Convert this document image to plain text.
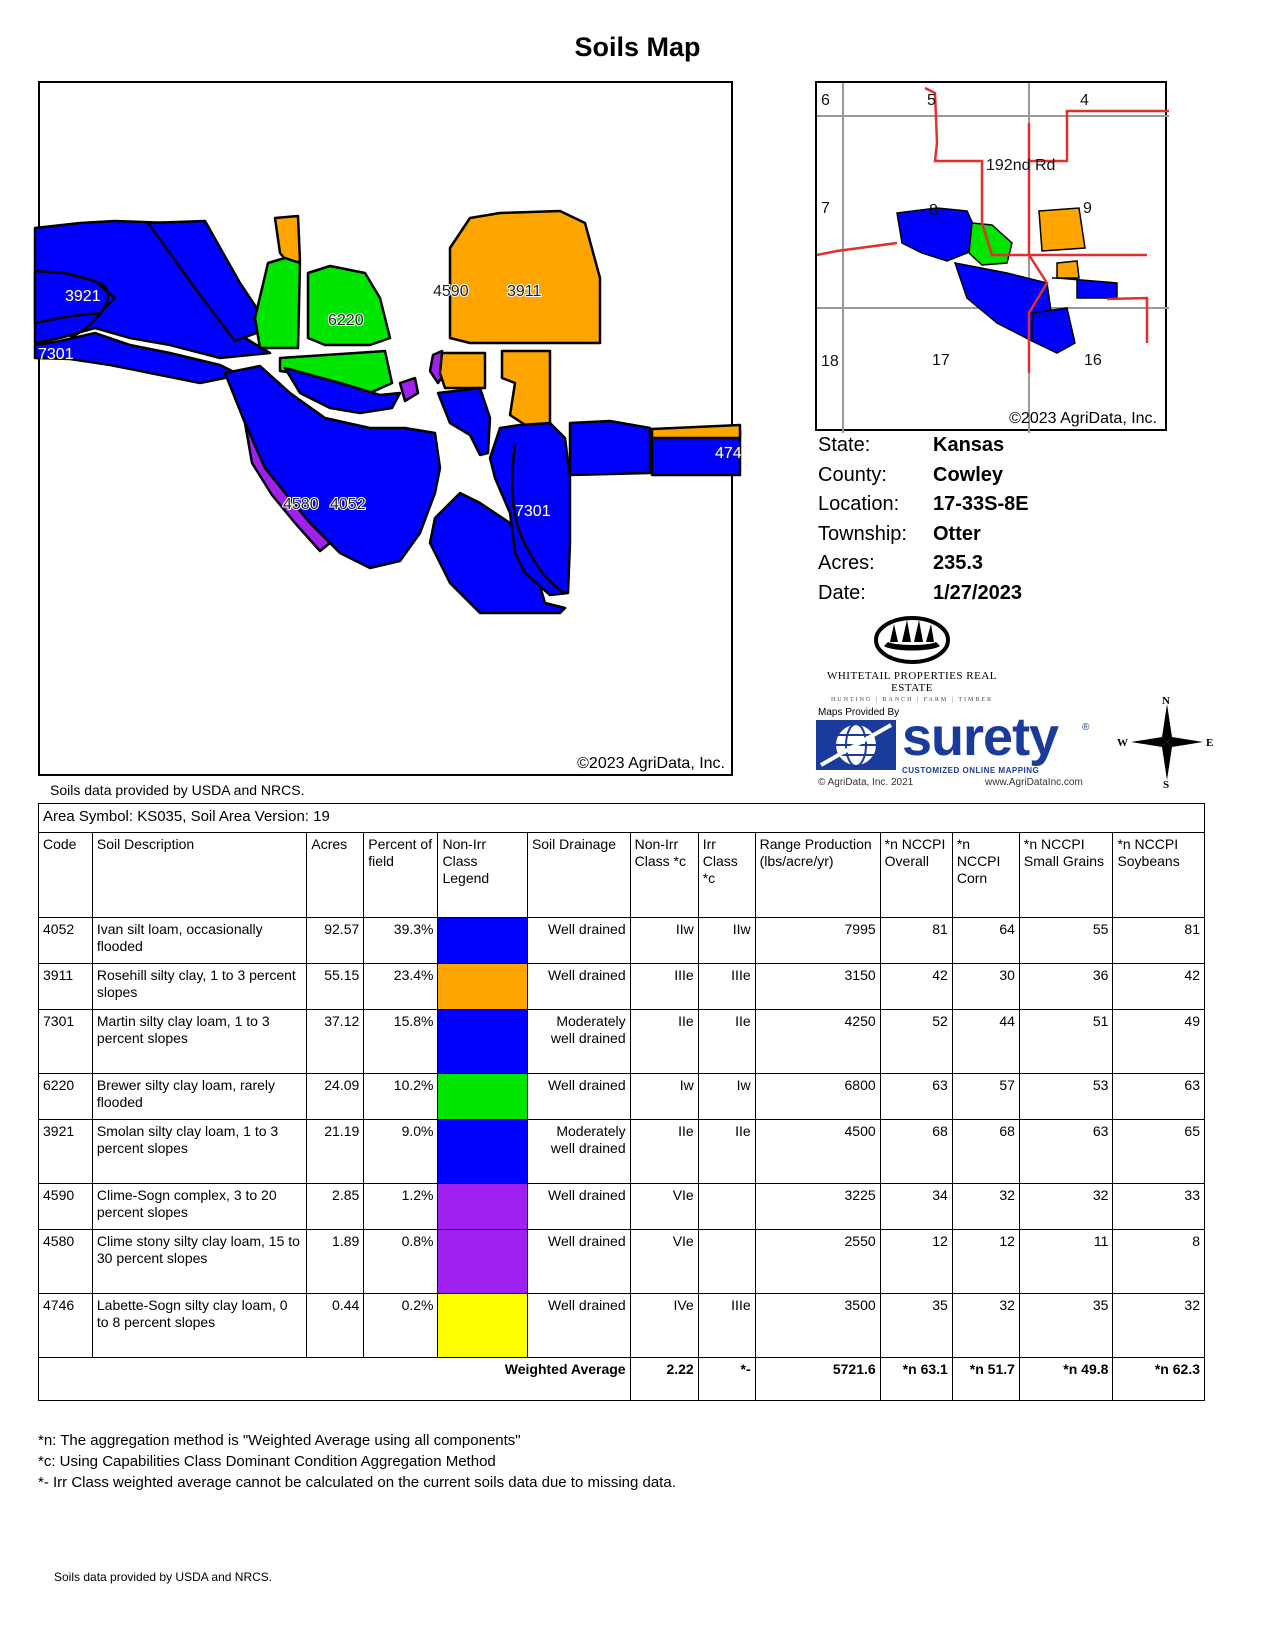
Soils Map
3921
7301
6220
4590 3911
4580 4052	7301
474
©2023 AgriData, Inc.
Soils data provided by USDA and NRCS.
6	5	4
7	9
18	17	16
8
192nd Rd
©2023 AgriData, Inc.
State:	Kansas
County:	Cowley
Location:	17-33S-8E
Township:	Otter
Acres:	235.3
Date:	1/27/2023
WHITETAIL PROPERTIES REAL ESTATE
HUNTING | RANCH | FARM | TIMBER
Maps Provided By surety ®
CUSTOMIZED ONLINE MAPPING
© AgriData, Inc. 2021	www.AgriDataInc.com
N
S
W	E
Area Symbol: KS035, Soil Area Version: 19												
Code	Soil Description	Acres	Percent of field	Non-Irr Class Legend	Soil Drainage	Non-Irr Class *c	Irr Class *c	Range Production (lbs/acre/yr)	*n NCCPI Overall	*n NCCPI Corn	*n NCCPI Small Grains	*n NCCPI Soybeans
4052	Ivan silt loam, occasionally flooded	92.57	39.3%		Well drained	IIw	IIw	7995	81	64	55	81
3911	Rosehill silty clay, 1 to 3 percent slopes	55.15	23.4%		Well drained	IIIe	IIIe	3150	42	30	36	42
7301	Martin silty clay loam, 1 to 3 percent slopes	37.12	15.8%		Moderately well drained	IIe	IIe	4250	52	44	51	49
6220	Brewer silty clay loam, rarely flooded	24.09	10.2%		Well drained	Iw	Iw	6800	63	57	53	63
3921	Smolan silty clay loam, 1 to 3 percent slopes	21.19	9.0%		Moderately well drained	IIe	IIe	4500	68	68	63	65
4590	Clime-Sogn complex, 3 to 20 percent slopes	2.85	1.2%		Well drained	VIe		3225	34	32	32	33
4580	Clime stony silty clay loam, 15 to 30 percent slopes	1.89	0.8%		Well drained	VIe		2550	12	12	11	8
4746	Labette-Sogn silty clay loam, 0 to 8 percent slopes	0.44	0.2%		Well drained	IVe	IIIe	3500	35	32	35	32
Weighted Average						2.22	*-	5721.6	*n 63.1	*n 51.7	*n 49.8	*n 62.3
*n: The aggregation method is "Weighted Average using all components"
*c: Using Capabilities Class Dominant Condition Aggregation Method
*- Irr Class weighted average cannot be calculated on the current soils data due to missing data.
Soils data provided by USDA and NRCS.
